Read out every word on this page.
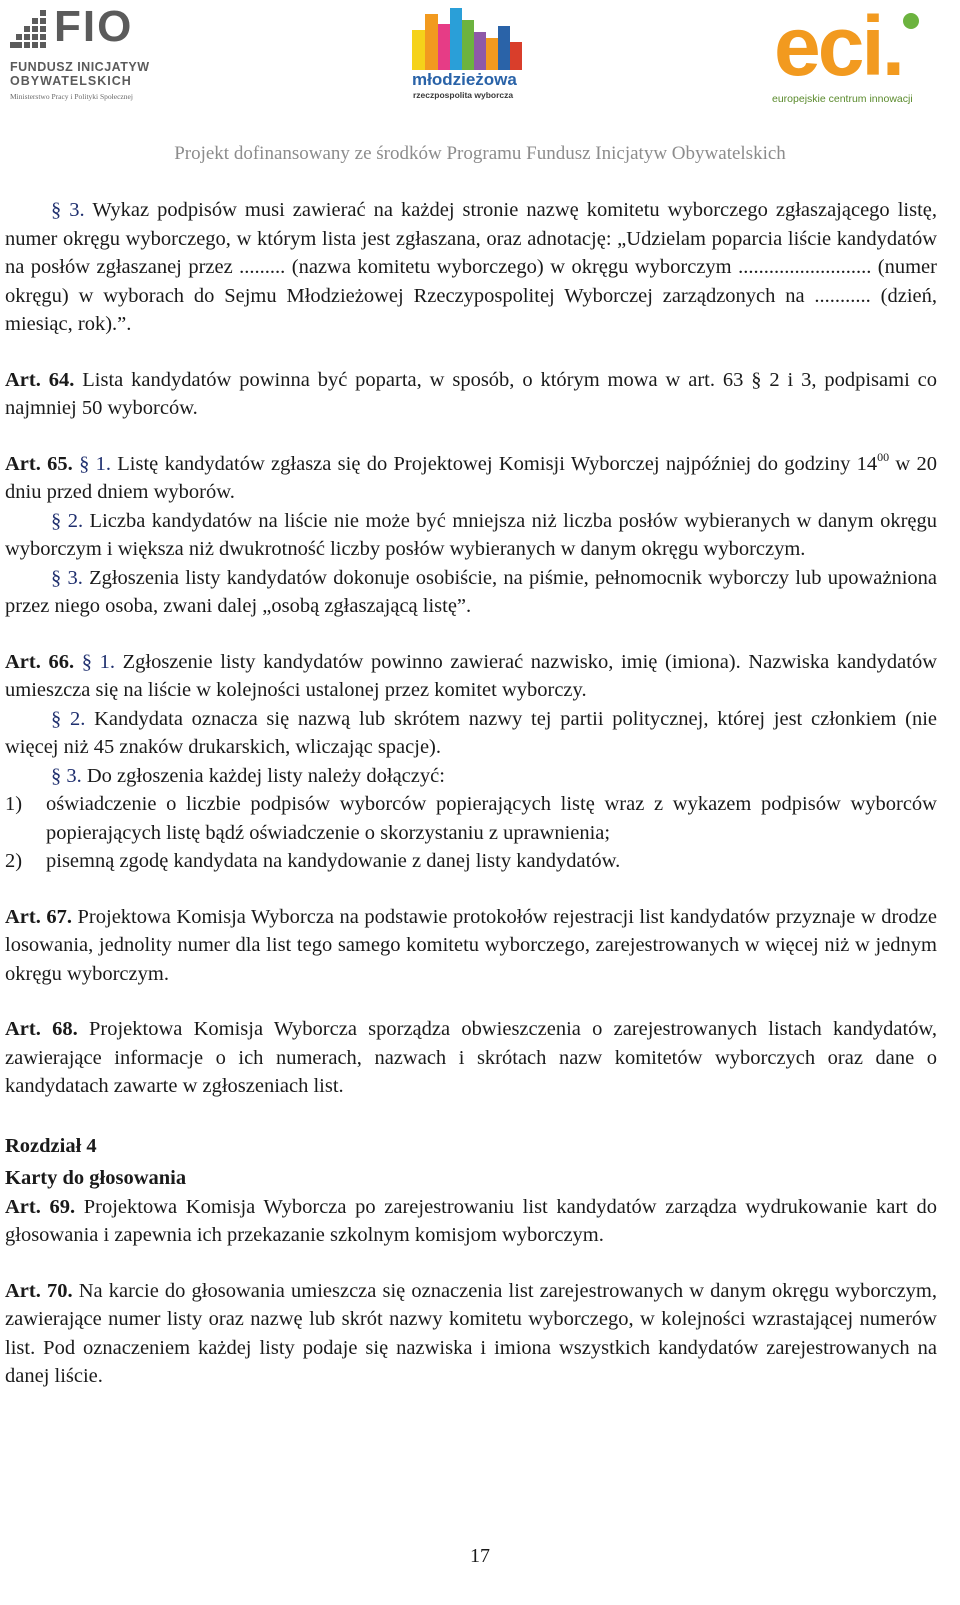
FIO
FUNDUSZ INICJATYW
OBYWATELSKICH
Ministerstwo Pracy i Polityki Społecznej
młodzieżowa
rzeczpospolita wyborcza
eci.
europejskie centrum innowacji
Projekt dofinansowany ze środków Programu Fundusz Inicjatyw Obywatelskich

§ 3. Wykaz podpisów musi zawierać na każdej stronie nazwę komitetu wyborczego zgłaszającego listę, numer okręgu wyborczego, w którym lista jest zgłaszana, oraz adnotację: „Udzielam poparcia liście kandydatów na posłów zgłaszanej przez ......... (nazwa komitetu wyborczego) w okręgu wyborczym .......................... (numer okręgu) w wyborach do Sejmu Młodzieżowej Rzeczypospolitej Wyborczej zarządzonych na ........... (dzień, miesiąc, rok).”.

Art. 64. Lista kandydatów powinna być poparta, w sposób, o którym mowa w art. 63 § 2 i 3, podpisami co najmniej 50 wyborców.

Art. 65. § 1. Listę kandydatów zgłasza się do Projektowej Komisji Wyborczej najpóźniej do godziny $14^{00}$ w 20 dniu przed dniem wyborów.

§ 2. Liczba kandydatów na liście nie może być mniejsza niż liczba posłów wybieranych w danym okręgu wyborczym i większa niż dwukrotność liczby posłów wybieranych w danym okręgu wyborczym.

§ 3. Zgłoszenia listy kandydatów dokonuje osobiście, na piśmie, pełnomocnik wyborczy lub upoważniona przez niego osoba, zwani dalej „osobą zgłaszającą listę”.

Art. 66. § 1. Zgłoszenie listy kandydatów powinno zawierać nazwisko, imię (imiona). Nazwiska kandydatów umieszcza się na liście w kolejności ustalonej przez komitet wyborczy.

§ 2. Kandydata oznacza się nazwą lub skrótem nazwy tej partii politycznej, której jest członkiem (nie więcej niż 45 znaków drukarskich, wliczając spacje).

§ 3. Do zgłoszenia każdej listy należy dołączyć:

1)	oświadczenie o liczbie podpisów wyborców popierających listę wraz z wykazem podpisów wyborców popierających listę bądź oświadczenie o skorzystaniu z uprawnienia;
2)	pisemną zgodę kandydata na kandydowanie z danej listy kandydatów.

Art. 67. Projektowa Komisja Wyborcza na podstawie protokołów rejestracji list kandydatów przyznaje w drodze losowania, jednolity numer dla list tego samego komitetu wyborczego, zarejestrowanych w więcej niż w jednym okręgu wyborczym.

Art. 68. Projektowa Komisja Wyborcza sporządza obwieszczenia o zarejestrowanych listach kandydatów, zawierające informacje o ich numerach, nazwach i skrótach nazw komitetów wyborczych oraz dane o kandydatach zawarte w zgłoszeniach list.

Rozdział 4

Karty do głosowania

Art. 69. Projektowa Komisja Wyborcza po zarejestrowaniu list kandydatów zarządza wydrukowanie kart do głosowania i zapewnia ich przekazanie szkolnym komisjom wyborczym.

Art. 70. Na karcie do głosowania umieszcza się oznaczenia list zarejestrowanych w danym okręgu wyborczym, zawierające numer listy oraz nazwę lub skrót nazwy komitetu wyborczego, w kolejności wzrastającej numerów list. Pod oznaczeniem każdej listy podaje się nazwiska i imiona wszystkich kandydatów zarejestrowanych na danej liście.

17
